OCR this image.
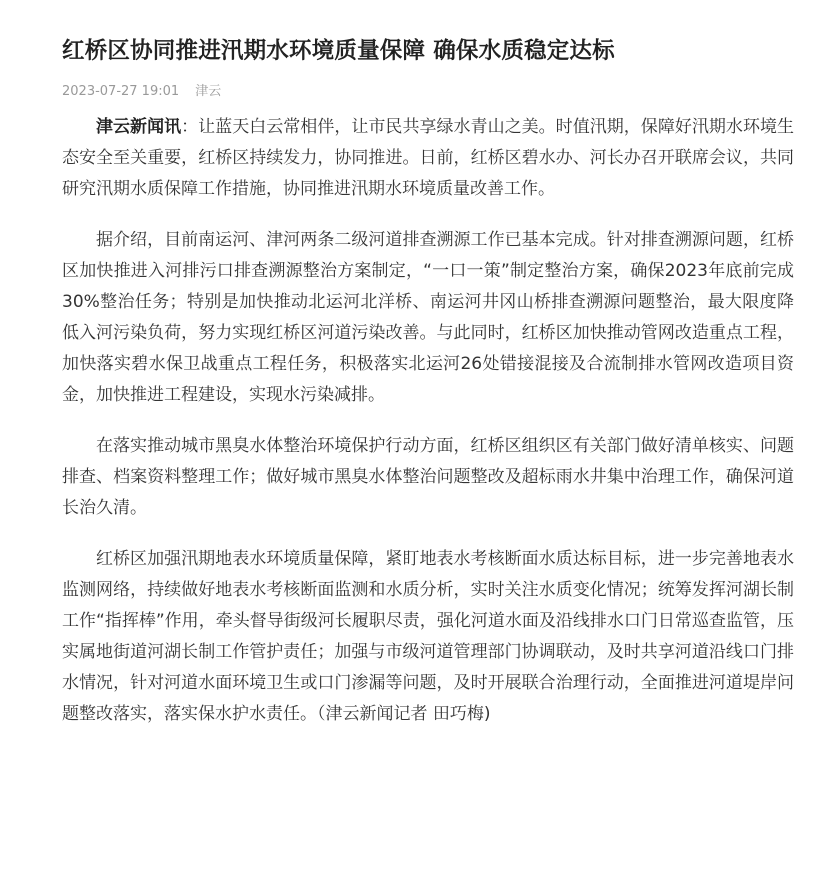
红桥区协同推进汛期水环境质量保障 确保水质稳定达标
2023-07-27 19:01 津云

津云新闻讯：让蓝天白云常相伴，让市民共享绿水青山之美。时值汛期，保障好汛期水环境生态安全至关重要，红桥区持续发力，协同推进。日前，红桥区碧水办、河长办召开联席会议，共同研究汛期水质保障工作措施，协同推进汛期水环境质量改善工作。

据介绍，目前南运河、津河两条二级河道排查溯源工作已基本完成。针对排查溯源问题，红桥区加快推进入河排污口排查溯源整治方案制定，“一口一策”制定整治方案，确保2023年底前完成30%整治任务；特别是加快推动北运河北洋桥、南运河井冈山桥排查溯源问题整治，最大限度降低入河污染负荷，努力实现红桥区河道污染改善。与此同时，红桥区加快推动管网改造重点工程，加快落实碧水保卫战重点工程任务，积极落实北运河26处错接混接及合流制排水管网改造项目资金，加快推进工程建设，实现水污染减排。

在落实推动城市黑臭水体整治环境保护行动方面，红桥区组织区有关部门做好清单核实、问题排查、档案资料整理工作；做好城市黑臭水体整治问题整改及超标雨水井集中治理工作，确保河道长治久清。

红桥区加强汛期地表水环境质量保障，紧盯地表水考核断面水质达标目标，进一步完善地表水监测网络，持续做好地表水考核断面监测和水质分析，实时关注水质变化情况；统筹发挥河湖长制工作“指挥棒”作用，牵头督导街级河长履职尽责，强化河道水面及沿线排水口门日常巡查监管，压实属地街道河湖长制工作管护责任；加强与市级河道管理部门协调联动，及时共享河道沿线口门排水情况，针对河道水面环境卫生或口门渗漏等问题，及时开展联合治理行动，全面推进河道堤岸问题整改落实，落实保水护水责任。（津云新闻记者 田巧梅)
